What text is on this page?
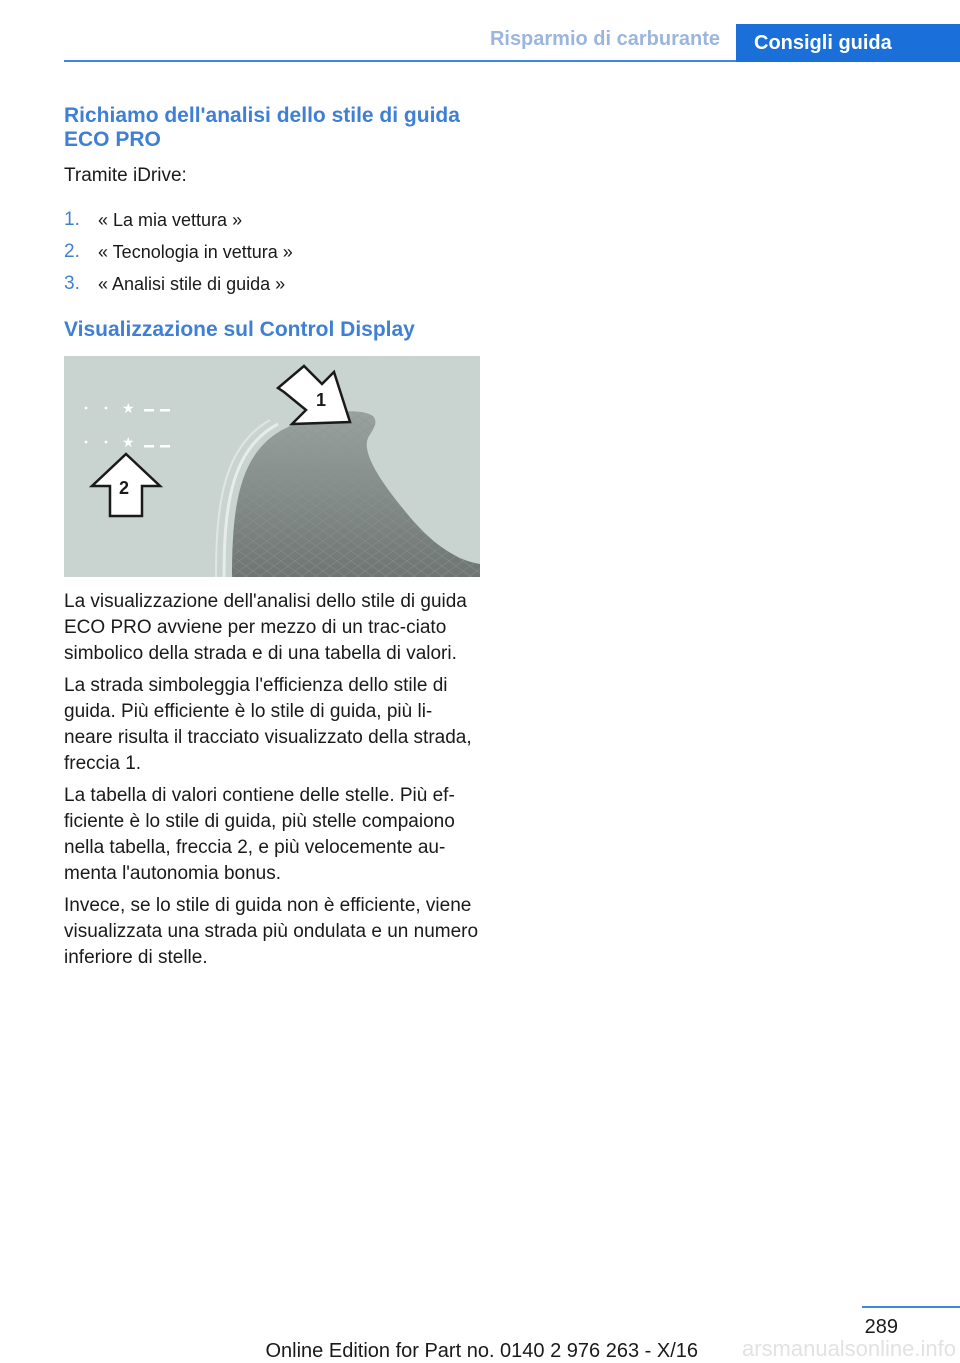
Risparmio di carburante	Consigli guida
Richiamo dell'analisi dello stile di guida ECO PRO

Tramite iDrive:

1.	« La mia vettura »
2.	« Tecnologia in vettura »
3.	« Analisi stile di guida »
Visualizzazione sul Control Display
★
★
1
2

La visualizzazione dell'analisi dello stile di guida ECO PRO avviene per mezzo di un trac-ciato simbolico della strada e di una tabella di valori.

La strada simboleggia l'efficienza dello stile di guida. Più efficiente è lo stile di guida, più li-neare risulta il tracciato visualizzato della strada, freccia 1.

La tabella di valori contiene delle stelle. Più ef-ficiente è lo stile di guida, più stelle compaiono nella tabella, freccia 2, e più velocemente au-menta l'autonomia bonus.

Invece, se lo stile di guida non è efficiente, viene visualizzata una strada più ondulata e un numero inferiore di stelle.

289
arsmanualsonline.info
Online Edition for Part no. 0140 2 976 263 - X/16
